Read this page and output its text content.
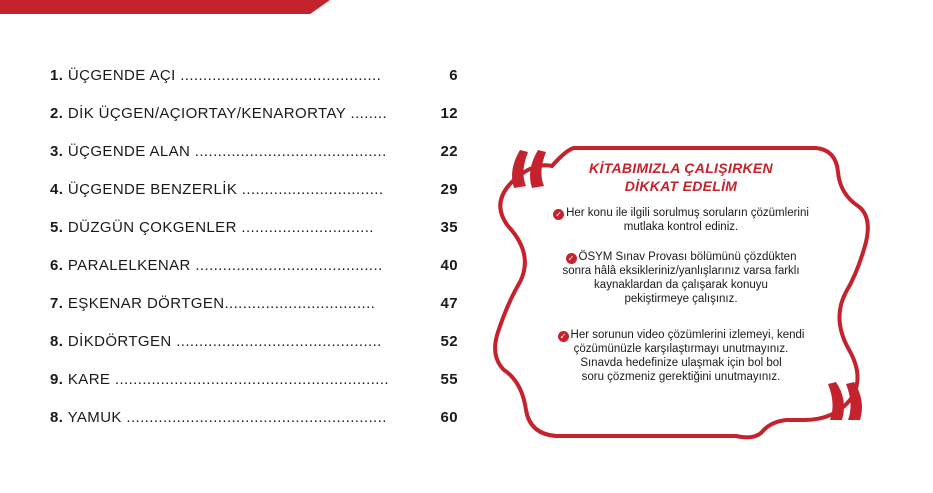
1. ÜÇGENDE AÇI ............................................	6
2. DİK ÜÇGEN/AÇIORTAY/KENARORTAY ........	12
3. ÜÇGENDE ALAN ..........................................	22
4. ÜÇGENDE BENZERLİK ...............................	29
5. DÜZGÜN ÇOKGENLER .............................	35
6. PARALELKENAR .........................................	40
7. EŞKENAR DÖRTGEN.................................	47
8. DİKDÖRTGEN .............................................	52
9. KARE ............................................................	55
8. YAMUK .........................................................	60
KİTABIMIZLA ÇALIŞIRKEN
DİKKAT EDELİM
✓ Her konu ile ilgili sorulmuş soruların çözümlerini
mutlaka kontrol ediniz.
✓ ÖSYM Sınav Provası bölümünü çözdükten
sonra hâlâ eksikleriniz/yanlışlarınız varsa farklı
kaynaklardan da çalışarak konuyu
pekiştirmeye çalışınız.
✓ Her sorunun video çözümlerini izlemeyi, kendi
çözümünüzle karşılaştırmayı unutmayınız.
Sınavda hedefinize ulaşmak için bol bol
soru çözmeniz gerektiğini unutmayınız.
